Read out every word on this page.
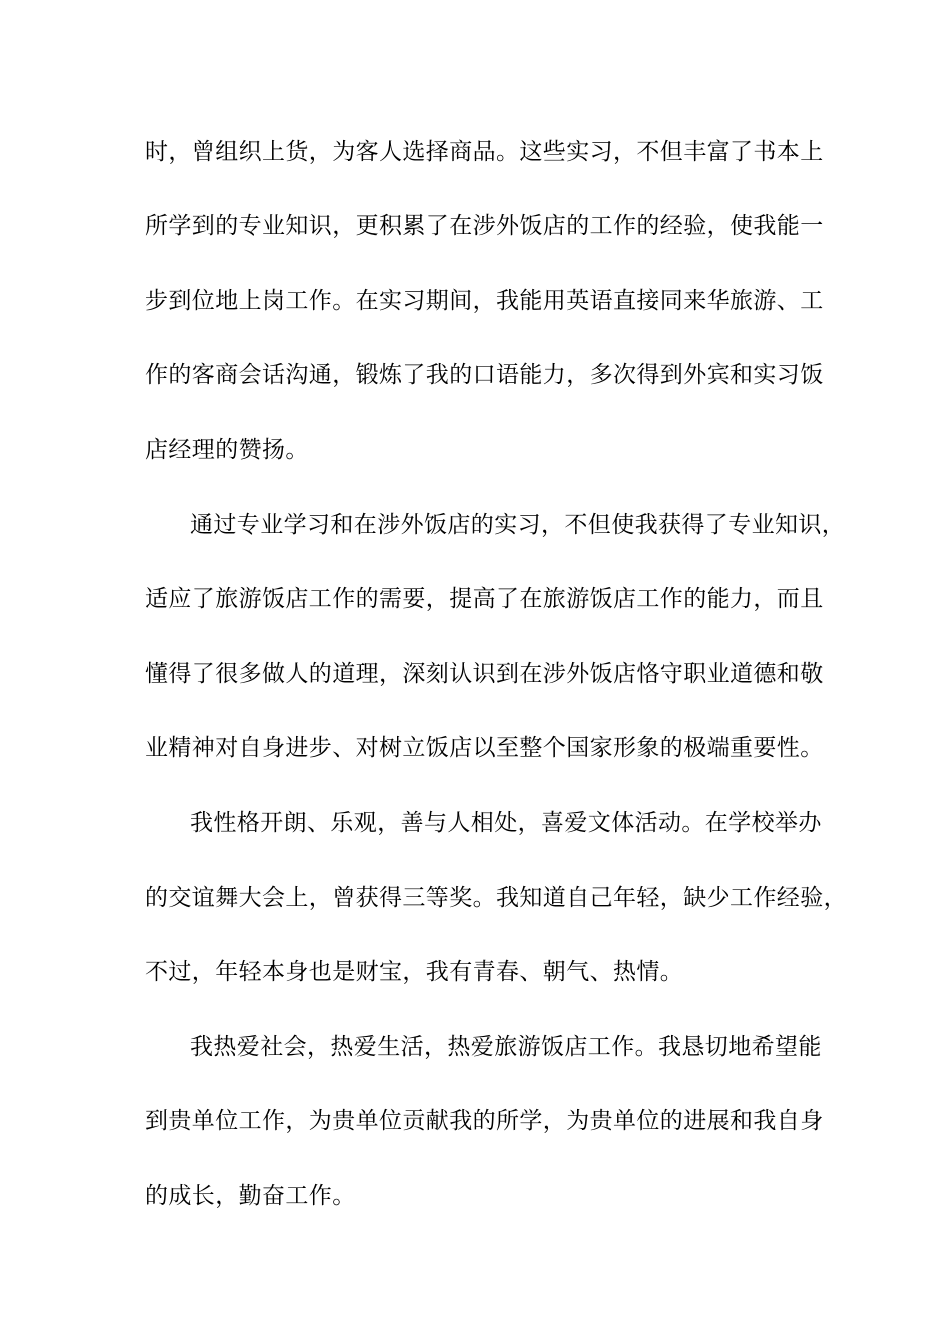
时，曾组织上货，为客人选择商品。这些实习，不但丰富了书本上
所学到的专业知识，更积累了在涉外饭店的工作的经验，使我能一
步到位地上岗工作。在实习期间，我能用英语直接同来华旅游、工
作的客商会话沟通，锻炼了我的口语能力，多次得到外宾和实习饭
店经理的赞扬。
通过专业学习和在涉外饭店的实习，不但使我获得了专业知识，
适应了旅游饭店工作的需要，提高了在旅游饭店工作的能力，而且
懂得了很多做人的道理，深刻认识到在涉外饭店恪守职业道德和敬
业精神对自身进步、对树立饭店以至整个国家形象的极端重要性。
我性格开朗、乐观，善与人相处，喜爱文体活动。在学校举办
的交谊舞大会上，曾获得三等奖。我知道自己年轻，缺少工作经验，
不过，年轻本身也是财宝，我有青春、朝气、热情。
我热爱社会，热爱生活，热爱旅游饭店工作。我恳切地希望能
到贵单位工作，为贵单位贡献我的所学，为贵单位的进展和我自身
的成长，勤奋工作。
